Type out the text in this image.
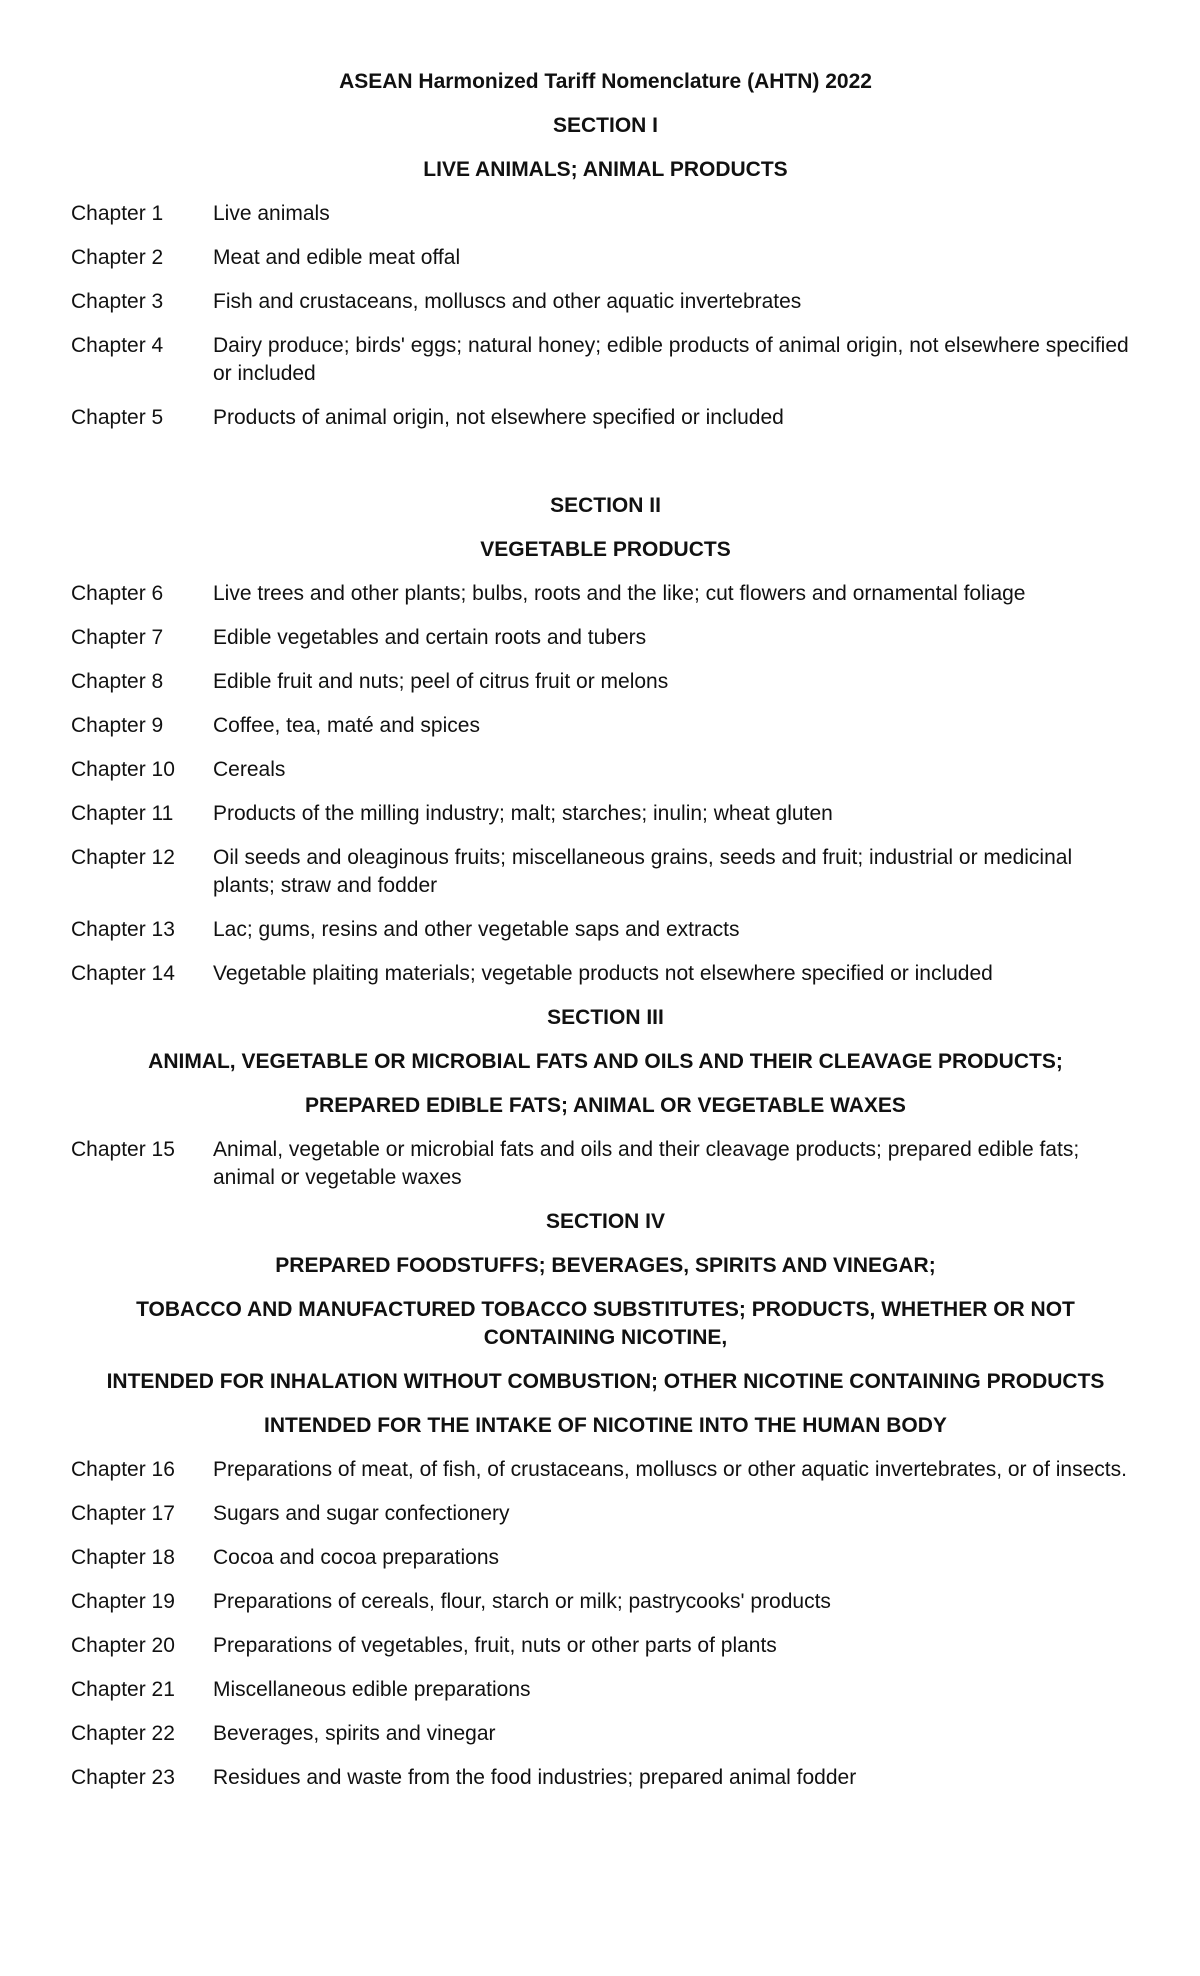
ASEAN Harmonized Tariff Nomenclature (AHTN) 2022
SECTION I
LIVE ANIMALS; ANIMAL PRODUCTS
Chapter 1	Live animals
Chapter 2	Meat and edible meat offal
Chapter 3	Fish and crustaceans, molluscs and other aquatic invertebrates
Chapter 4	Dairy produce; birds' eggs; natural honey; edible products of animal origin, not elsewhere specified or included
Chapter 5	Products of animal origin, not elsewhere specified or included
SECTION II
VEGETABLE PRODUCTS
Chapter 6	Live trees and other plants; bulbs, roots and the like; cut flowers and ornamental foliage
Chapter 7	Edible vegetables and certain roots and tubers
Chapter 8	Edible fruit and nuts; peel of citrus fruit or melons
Chapter 9	Coffee, tea, maté and spices
Chapter 10	Cereals
Chapter 11	Products of the milling industry; malt; starches; inulin; wheat gluten
Chapter 12	Oil seeds and oleaginous fruits; miscellaneous grains, seeds and fruit; industrial or medicinal plants; straw and fodder
Chapter 13	Lac; gums, resins and other vegetable saps and extracts
Chapter 14	Vegetable plaiting materials; vegetable products not elsewhere specified or included
SECTION III
ANIMAL, VEGETABLE OR MICROBIAL FATS AND OILS AND THEIR CLEAVAGE PRODUCTS;
PREPARED EDIBLE FATS; ANIMAL OR VEGETABLE WAXES
Chapter 15	Animal, vegetable or microbial fats and oils and their cleavage products; prepared edible fats; animal or vegetable waxes
SECTION IV
PREPARED FOODSTUFFS; BEVERAGES, SPIRITS AND VINEGAR;
TOBACCO AND MANUFACTURED TOBACCO SUBSTITUTES; PRODUCTS, WHETHER OR NOT CONTAINING NICOTINE,
INTENDED FOR INHALATION WITHOUT COMBUSTION; OTHER NICOTINE CONTAINING PRODUCTS
INTENDED FOR THE INTAKE OF NICOTINE INTO THE HUMAN BODY
Chapter 16	Preparations of meat, of fish, of crustaceans, molluscs or other aquatic invertebrates, or of insects.
Chapter 17	Sugars and sugar confectionery
Chapter 18	Cocoa and cocoa preparations
Chapter 19	Preparations of cereals, flour, starch or milk; pastrycooks' products
Chapter 20	Preparations of vegetables, fruit, nuts or other parts of plants
Chapter 21	Miscellaneous edible preparations
Chapter 22	Beverages, spirits and vinegar
Chapter 23	Residues and waste from the food industries; prepared animal fodder
